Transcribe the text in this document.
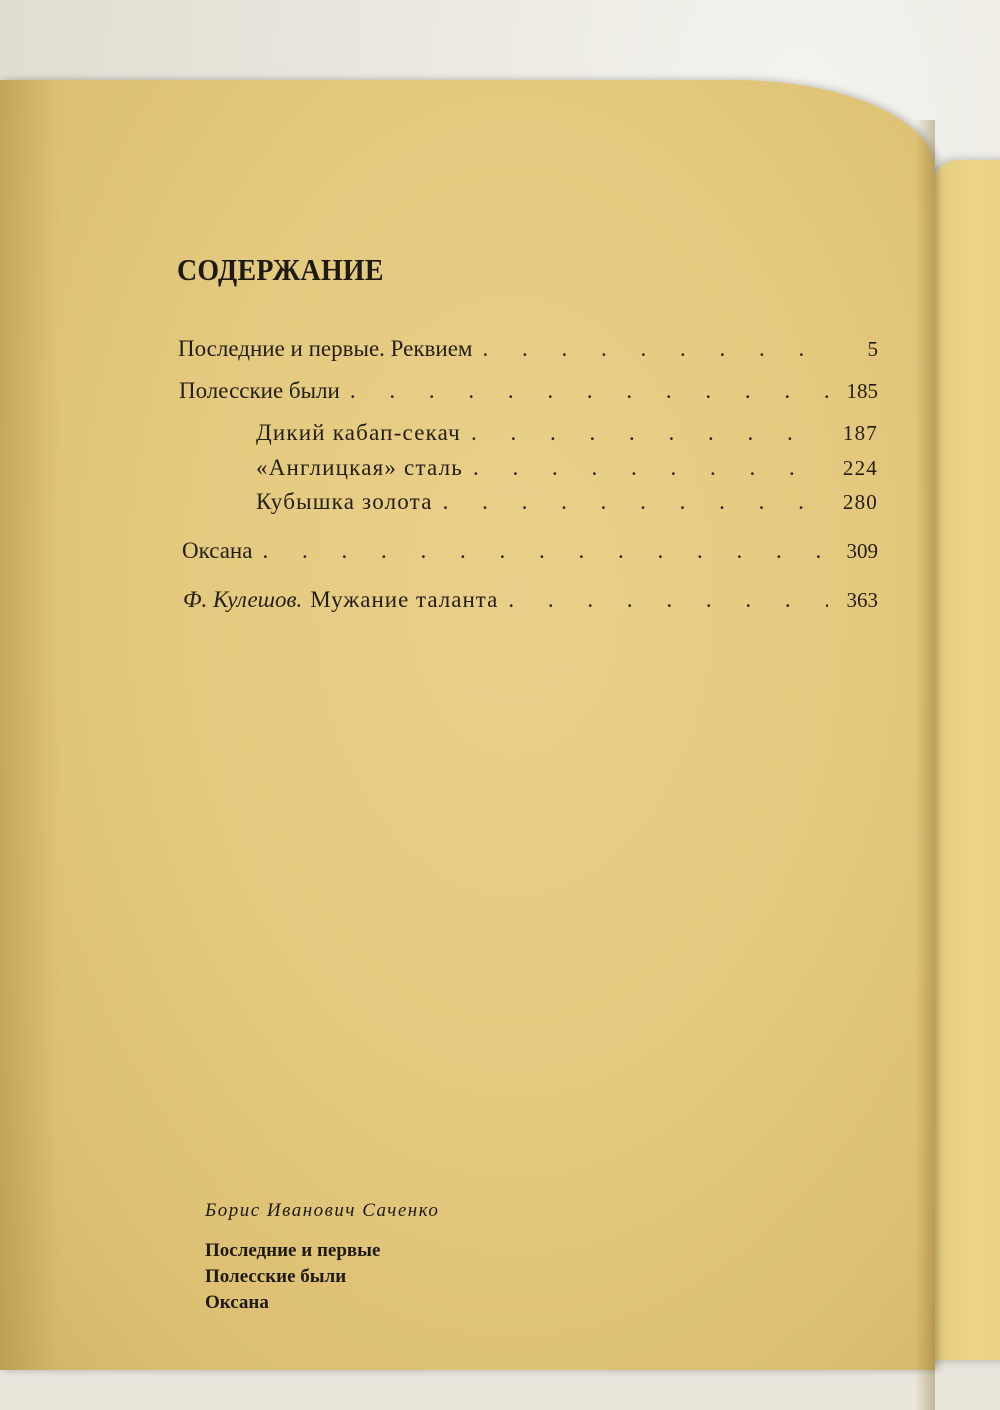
СОДЕРЖАНИЕ
Последние и первые. Реквием . . .	5
Полесские были . . .	185
Дикий кабап-секач . . .	187
«Англицкая» сталь . . .	224
Кубышка золота . . .	280
Оксана . . .	309
Ф. Кулешов. Мужание таланта . . .	363
Борис Иванович Саченко
Последние и первые
Полесские были
Оксана
